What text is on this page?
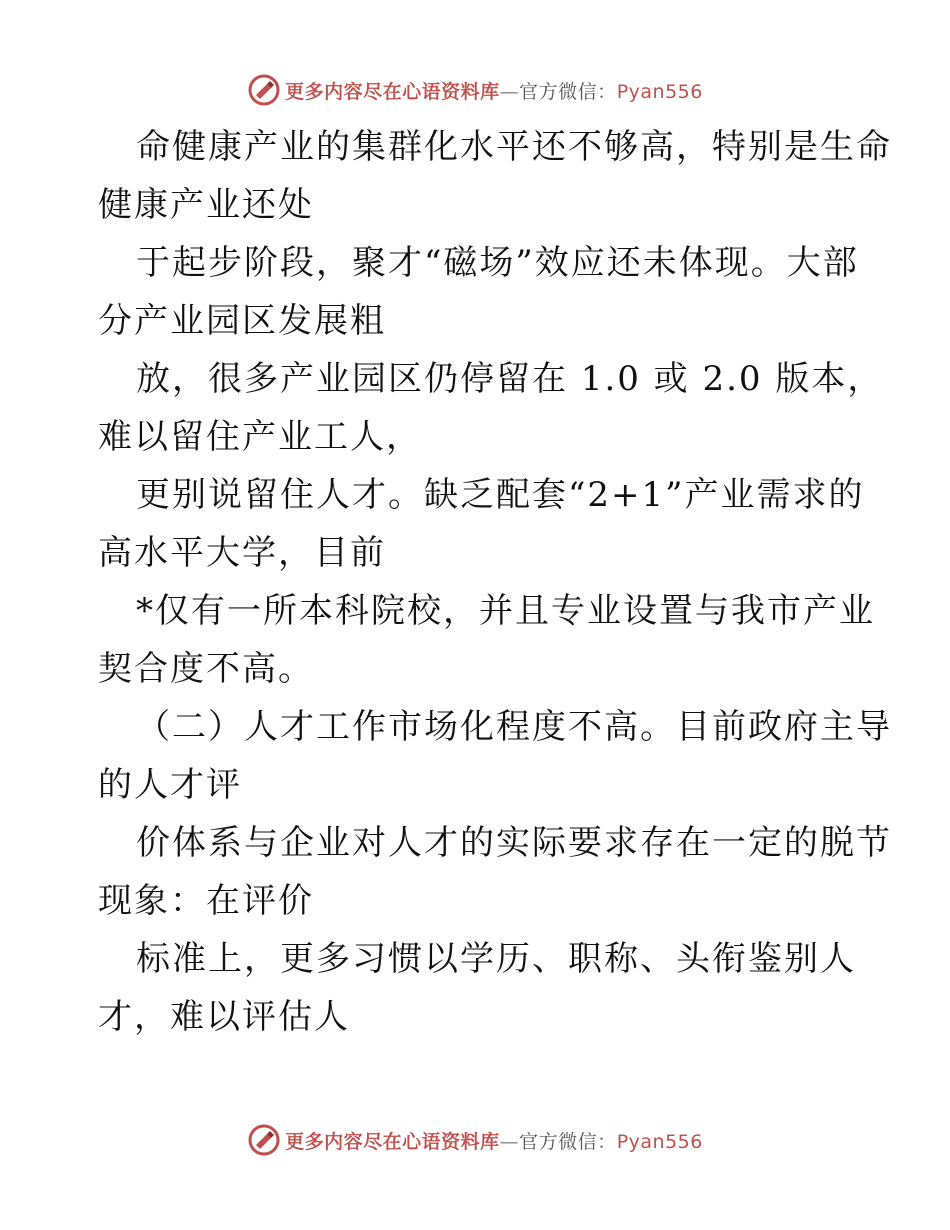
更多内容尽在心语资料库—官方微信：Pyan556
命健康产业的集群化水平还不够高，特别是生命
健康产业还处
于起步阶段，聚才“磁场”效应还未体现。大部
分产业园区发展粗
放，很多产业园区仍停留在 1.0 或 2.0 版本，
难以留住产业工人，
更别说留住人才。缺乏配套“2+1”产业需求的
高水平大学，目前
*仅有一所本科院校，并且专业设置与我市产业
契合度不高。
（二）人才工作市场化程度不高。目前政府主导
的人才评
价体系与企业对人才的实际要求存在一定的脱节
现象：在评价
标准上，更多习惯以学历、职称、头衔鉴别人
才，难以评估人
更多内容尽在心语资料库—官方微信：Pyan556
